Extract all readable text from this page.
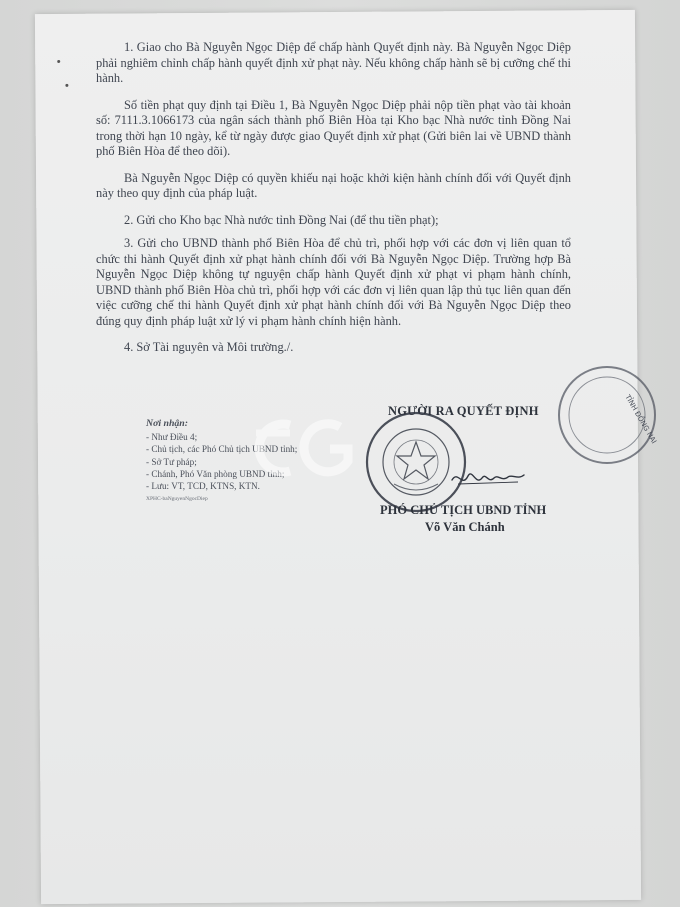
1. Giao cho Bà Nguyễn Ngọc Diệp để chấp hành Quyết định này. Bà Nguyễn Ngọc Diệp phải nghiêm chỉnh chấp hành quyết định xử phạt này. Nếu không chấp hành sẽ bị cưỡng chế thi hành.

Số tiền phạt quy định tại Điều 1, Bà Nguyễn Ngọc Diệp phải nộp tiền phạt vào tài khoản số: 7111.3.1066173 của ngân sách thành phố Biên Hòa tại Kho bạc Nhà nước tỉnh Đồng Nai trong thời hạn 10 ngày, kể từ ngày được giao Quyết định xử phạt (Gửi biên lai về UBND thành phố Biên Hòa để theo dõi).

Bà Nguyễn Ngọc Diệp có quyền khiếu nại hoặc khởi kiện hành chính đối với Quyết định này theo quy định của pháp luật.

2. Gửi cho Kho bạc Nhà nước tỉnh Đồng Nai (để thu tiền phạt);

3. Gửi cho UBND thành phố Biên Hòa để chủ trì, phối hợp với các đơn vị liên quan tổ chức thi hành Quyết định xử phạt hành chính đối với Bà Nguyễn Ngọc Diệp. Trường hợp Bà Nguyễn Ngọc Diệp không tự nguyện chấp hành Quyết định xử phạt vi phạm hành chính, UBND thành phố Biên Hòa chủ trì, phối hợp với các đơn vị liên quan lập thủ tục liên quan đến việc cưỡng chế thi hành Quyết định xử phạt hành chính đối với Bà Nguyễn Ngọc Diệp theo đúng quy định pháp luật xử lý vi phạm hành chính hiện hành.

4. Sở Tài nguyên và Môi trường./.

TỈNH ĐỒNG NAI
NGƯỜI RA QUYẾT ĐỊNH
PHÓ CHỦ TỊCH UBND TỈNH
Võ Văn Chánh
Nơi nhận:
- Như Điều 4;
- Chủ tịch, các Phó Chủ tịch UBND tỉnh;
- Sở Tư pháp;
- Chánh, Phó Văn phòng UBND tỉnh;
- Lưu: VT, TCD, KTNS, KTN.
XPHC-baNguyenNgocDiep
